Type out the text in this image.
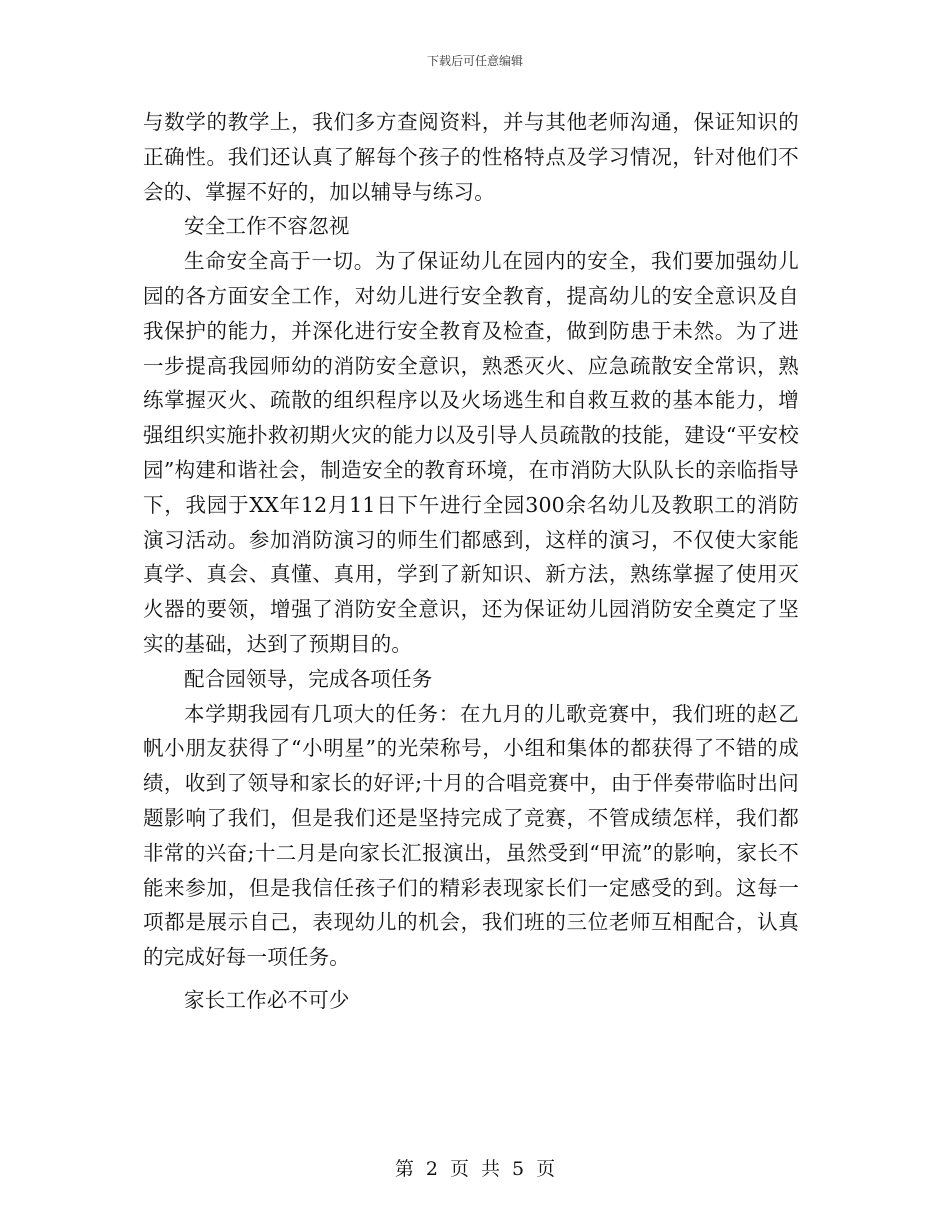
下载后可任意编辑

与数学的教学上，我们多方查阅资料，并与其他老师沟通，保证知识的正确性。我们还认真了解每个孩子的性格特点及学习情况，针对他们不会的、掌握不好的，加以辅导与练习。

安全工作不容忽视

生命安全高于一切。为了保证幼儿在园内的安全，我们要加强幼儿园的各方面安全工作，对幼儿进行安全教育，提高幼儿的安全意识及自我保护的能力，并深化进行安全教育及检查，做到防患于未然。为了进一步提高我园师幼的消防安全意识，熟悉灭火、应急疏散安全常识，熟练掌握灭火、疏散的组织程序以及火场逃生和自救互救的基本能力，增强组织实施扑救初期火灾的能力以及引导人员疏散的技能，建设“平安校园”构建和谐社会，制造安全的教育环境，在市消防大队队长的亲临指导下，我园于XX年12月11日下午进行全园300余名幼儿及教职工的消防演习活动。参加消防演习的师生们都感到，这样的演习，不仅使大家能真学、真会、真懂、真用，学到了新知识、新方法，熟练掌握了使用灭火器的要领，增强了消防安全意识，还为保证幼儿园消防安全奠定了坚实的基础，达到了预期目的。

配合园领导，完成各项任务

本学期我园有几项大的任务：在九月的儿歌竞赛中，我们班的赵乙帆小朋友获得了“小明星”的光荣称号，小组和集体的都获得了不错的成绩，收到了领导和家长的好评;十月的合唱竞赛中，由于伴奏带临时出问题影响了我们，但是我们还是坚持完成了竞赛，不管成绩怎样，我们都非常的兴奋;十二月是向家长汇报演出，虽然受到“甲流”的影响，家长不能来参加，但是我信任孩子们的精彩表现家长们一定感受的到。这每一项都是展示自己，表现幼儿的机会，我们班的三位老师互相配合，认真的完成好每一项任务。

家长工作必不可少

第 2 页 共 5 页
